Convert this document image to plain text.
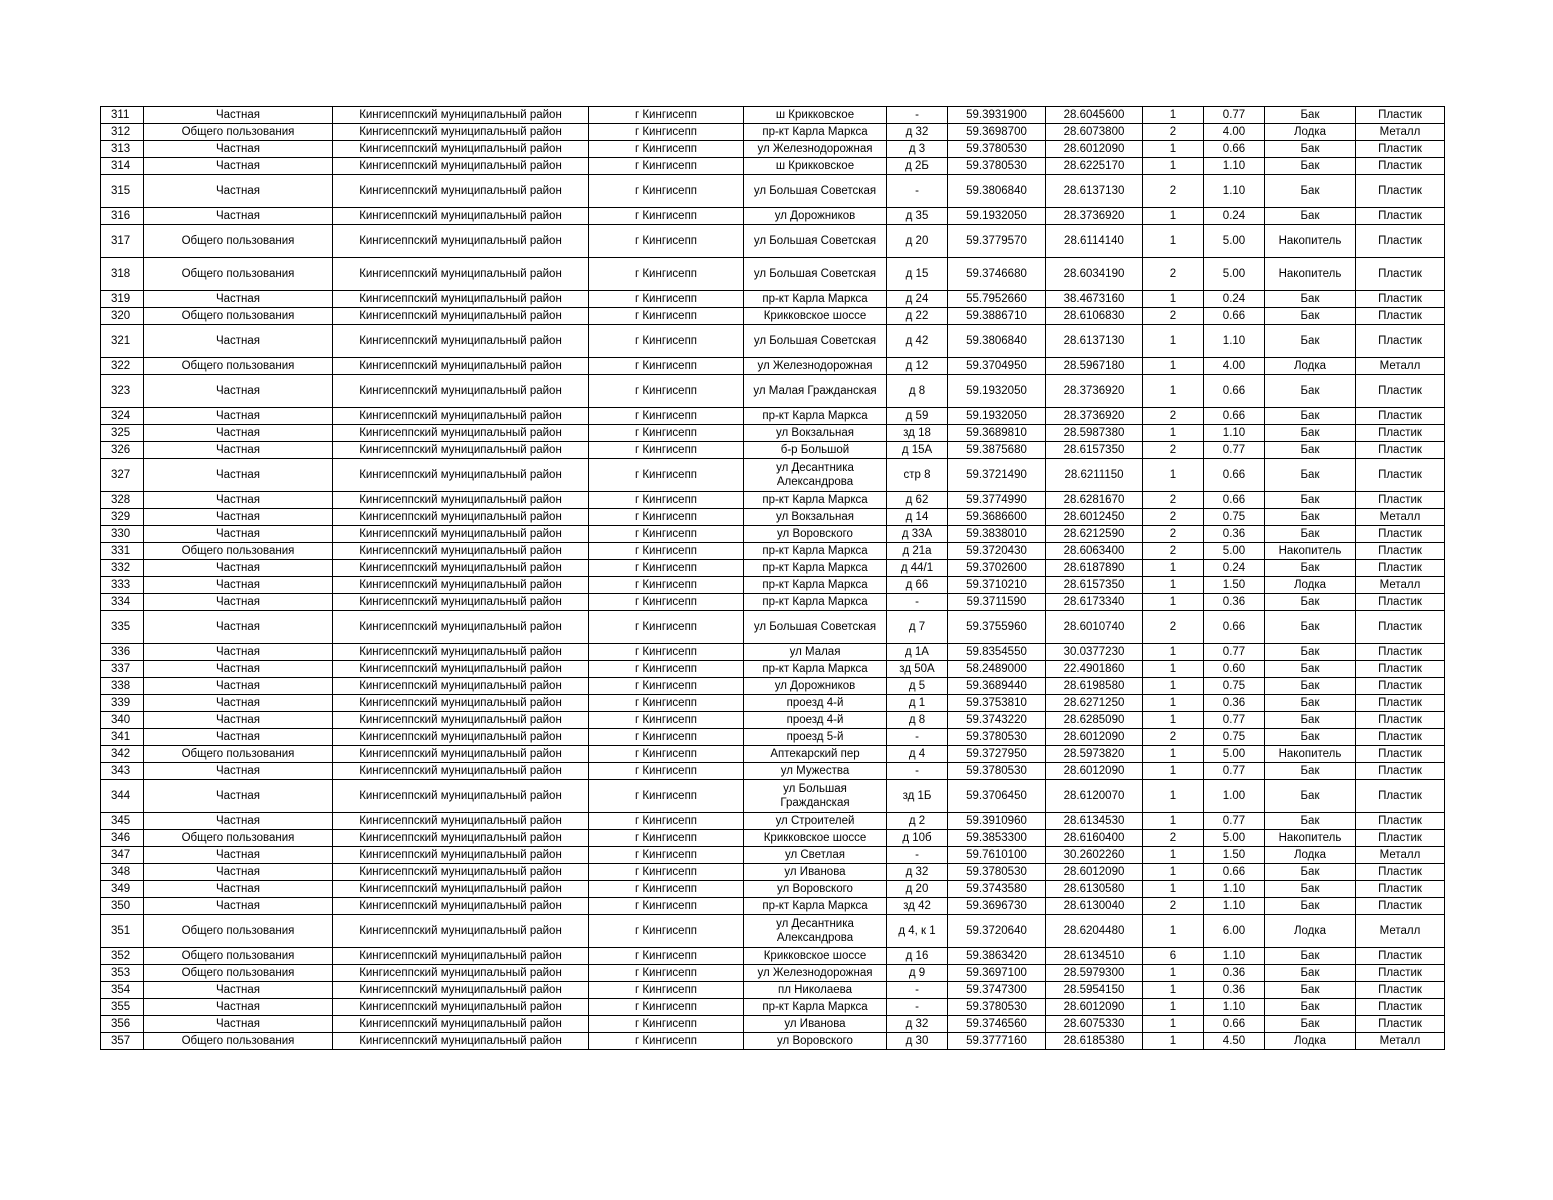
311	Частная	Кингисеппский муниципальный район	г Кингисепп	ш Крикковское	-	59.3931900	28.6045600	1	0.77	Бак	Пластик
312	Общего пользования	Кингисеппский муниципальный район	г Кингисепп	пр-кт Карла Маркса	д 32	59.3698700	28.6073800	2	4.00	Лодка	Металл
313	Частная	Кингисеппский муниципальный район	г Кингисепп	ул Железнодорожная	д 3	59.3780530	28.6012090	1	0.66	Бак	Пластик
314	Частная	Кингисеппский муниципальный район	г Кингисепп	ш Крикковское	д 2Б	59.3780530	28.6225170	1	1.10	Бак	Пластик
315	Частная	Кингисеппский муниципальный район	г Кингисепп	ул Большая Советская	-	59.3806840	28.6137130	2	1.10	Бак	Пластик
316	Частная	Кингисеппский муниципальный район	г Кингисепп	ул Дорожников	д 35	59.1932050	28.3736920	1	0.24	Бак	Пластик
317	Общего пользования	Кингисеппский муниципальный район	г Кингисепп	ул Большая Советская	д 20	59.3779570	28.6114140	1	5.00	Накопитель	Пластик
318	Общего пользования	Кингисеппский муниципальный район	г Кингисепп	ул Большая Советская	д 15	59.3746680	28.6034190	2	5.00	Накопитель	Пластик
319	Частная	Кингисеппский муниципальный район	г Кингисепп	пр-кт Карла Маркса	д 24	55.7952660	38.4673160	1	0.24	Бак	Пластик
320	Общего пользования	Кингисеппский муниципальный район	г Кингисепп	Крикковское шоссе	д 22	59.3886710	28.6106830	2	0.66	Бак	Пластик
321	Частная	Кингисеппский муниципальный район	г Кингисепп	ул Большая Советская	д 42	59.3806840	28.6137130	1	1.10	Бак	Пластик
322	Общего пользования	Кингисеппский муниципальный район	г Кингисепп	ул Железнодорожная	д 12	59.3704950	28.5967180	1	4.00	Лодка	Металл
323	Частная	Кингисеппский муниципальный район	г Кингисепп	ул Малая Гражданская	д 8	59.1932050	28.3736920	1	0.66	Бак	Пластик
324	Частная	Кингисеппский муниципальный район	г Кингисепп	пр-кт Карла Маркса	д 59	59.1932050	28.3736920	2	0.66	Бак	Пластик
325	Частная	Кингисеппский муниципальный район	г Кингисепп	ул Вокзальная	зд 18	59.3689810	28.5987380	1	1.10	Бак	Пластик
326	Частная	Кингисеппский муниципальный район	г Кингисепп	б-р Большой	д 15А	59.3875680	28.6157350	2	0.77	Бак	Пластик
327	Частная	Кингисеппский муниципальный район	г Кингисепп	ул Десантника Александрова	стр 8	59.3721490	28.6211150	1	0.66	Бак	Пластик
328	Частная	Кингисеппский муниципальный район	г Кингисепп	пр-кт Карла Маркса	д 62	59.3774990	28.6281670	2	0.66	Бак	Пластик
329	Частная	Кингисеппский муниципальный район	г Кингисепп	ул Вокзальная	д 14	59.3686600	28.6012450	2	0.75	Бак	Металл
330	Частная	Кингисеппский муниципальный район	г Кингисепп	ул Воровского	д 33А	59.3838010	28.6212590	2	0.36	Бак	Пластик
331	Общего пользования	Кингисеппский муниципальный район	г Кингисепп	пр-кт Карла Маркса	д 21а	59.3720430	28.6063400	2	5.00	Накопитель	Пластик
332	Частная	Кингисеппский муниципальный район	г Кингисепп	пр-кт Карла Маркса	д 44/1	59.3702600	28.6187890	1	0.24	Бак	Пластик
333	Частная	Кингисеппский муниципальный район	г Кингисепп	пр-кт Карла Маркса	д 66	59.3710210	28.6157350	1	1.50	Лодка	Металл
334	Частная	Кингисеппский муниципальный район	г Кингисепп	пр-кт Карла Маркса	-	59.3711590	28.6173340	1	0.36	Бак	Пластик
335	Частная	Кингисеппский муниципальный район	г Кингисепп	ул Большая Советская	д 7	59.3755960	28.6010740	2	0.66	Бак	Пластик
336	Частная	Кингисеппский муниципальный район	г Кингисепп	ул Малая	д 1А	59.8354550	30.0377230	1	0.77	Бак	Пластик
337	Частная	Кингисеппский муниципальный район	г Кингисепп	пр-кт Карла Маркса	зд 50А	58.2489000	22.4901860	1	0.60	Бак	Пластик
338	Частная	Кингисеппский муниципальный район	г Кингисепп	ул Дорожников	д 5	59.3689440	28.6198580	1	0.75	Бак	Пластик
339	Частная	Кингисеппский муниципальный район	г Кингисепп	проезд 4-й	д 1	59.3753810	28.6271250	1	0.36	Бак	Пластик
340	Частная	Кингисеппский муниципальный район	г Кингисепп	проезд 4-й	д 8	59.3743220	28.6285090	1	0.77	Бак	Пластик
341	Частная	Кингисеппский муниципальный район	г Кингисепп	проезд 5-й	-	59.3780530	28.6012090	2	0.75	Бак	Пластик
342	Общего пользования	Кингисеппский муниципальный район	г Кингисепп	Аптекарский пер	д 4	59.3727950	28.5973820	1	5.00	Накопитель	Пластик
343	Частная	Кингисеппский муниципальный район	г Кингисепп	ул Мужества	-	59.3780530	28.6012090	1	0.77	Бак	Пластик
344	Частная	Кингисеппский муниципальный район	г Кингисепп	ул Большая Гражданская	зд 1Б	59.3706450	28.6120070	1	1.00	Бак	Пластик
345	Частная	Кингисеппский муниципальный район	г Кингисепп	ул Строителей	д 2	59.3910960	28.6134530	1	0.77	Бак	Пластик
346	Общего пользования	Кингисеппский муниципальный район	г Кингисепп	Крикковское шоссе	д 10б	59.3853300	28.6160400	2	5.00	Накопитель	Пластик
347	Частная	Кингисеппский муниципальный район	г Кингисепп	ул Светлая	-	59.7610100	30.2602260	1	1.50	Лодка	Металл
348	Частная	Кингисеппский муниципальный район	г Кингисепп	ул Иванова	д 32	59.3780530	28.6012090	1	0.66	Бак	Пластик
349	Частная	Кингисеппский муниципальный район	г Кингисепп	ул Воровского	д 20	59.3743580	28.6130580	1	1.10	Бак	Пластик
350	Частная	Кингисеппский муниципальный район	г Кингисепп	пр-кт Карла Маркса	зд 42	59.3696730	28.6130040	2	1.10	Бак	Пластик
351	Общего пользования	Кингисеппский муниципальный район	г Кингисепп	ул Десантника Александрова	д 4, к 1	59.3720640	28.6204480	1	6.00	Лодка	Металл
352	Общего пользования	Кингисеппский муниципальный район	г Кингисепп	Крикковское шоссе	д 16	59.3863420	28.6134510	6	1.10	Бак	Пластик
353	Общего пользования	Кингисеппский муниципальный район	г Кингисепп	ул Железнодорожная	д 9	59.3697100	28.5979300	1	0.36	Бак	Пластик
354	Частная	Кингисеппский муниципальный район	г Кингисепп	пл Николаева	-	59.3747300	28.5954150	1	0.36	Бак	Пластик
355	Частная	Кингисеппский муниципальный район	г Кингисепп	пр-кт Карла Маркса	-	59.3780530	28.6012090	1	1.10	Бак	Пластик
356	Частная	Кингисеппский муниципальный район	г Кингисепп	ул Иванова	д 32	59.3746560	28.6075330	1	0.66	Бак	Пластик
357	Общего пользования	Кингисеппский муниципальный район	г Кингисепп	ул Воровского	д 30	59.3777160	28.6185380	1	4.50	Лодка	Металл
